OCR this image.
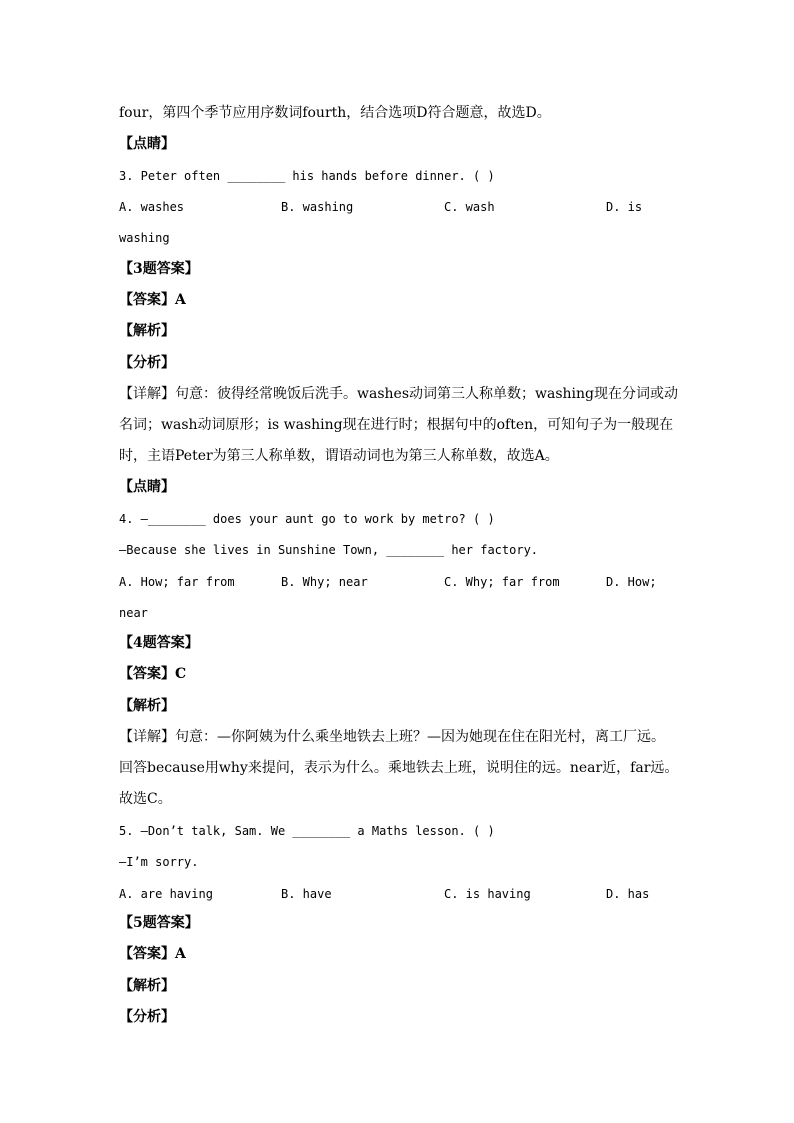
four，第四个季节应用序数词fourth，结合选项D符合题意，故选D。
【点睛】
3. Peter often ________ his hands before dinner. ( )
A. washes	B. washing	C. wash	D. is
washing
【3题答案】
【答案】A
【解析】
【分析】
【详解】句意：彼得经常晚饭后洗手。washes动词第三人称单数；washing现在分词或动
名词；wash动词原形；is washing现在进行时；根据句中的often，可知句子为一般现在
时，主语Peter为第三人称单数，谓语动词也为第三人称单数，故选A。
【点睛】
4. —________ does your aunt go to work by metro? ( )
—Because she lives in Sunshine Town, ________ her factory.
A. How; far from	B. Why; near	C. Why; far from	D. How;
near
【4题答案】
【答案】C
【解析】
【详解】句意：—你阿姨为什么乘坐地铁去上班？—因为她现在住在阳光村，离工厂远。
回答because用why来提问，表示为什么。乘地铁去上班，说明住的远。near近，far远。
故选C。
5. —Don’t talk, Sam. We ________ a Maths lesson. ( )
—I’m sorry.
A. are having	B. have	C. is having	D. has
【5题答案】
【答案】A
【解析】
【分析】
